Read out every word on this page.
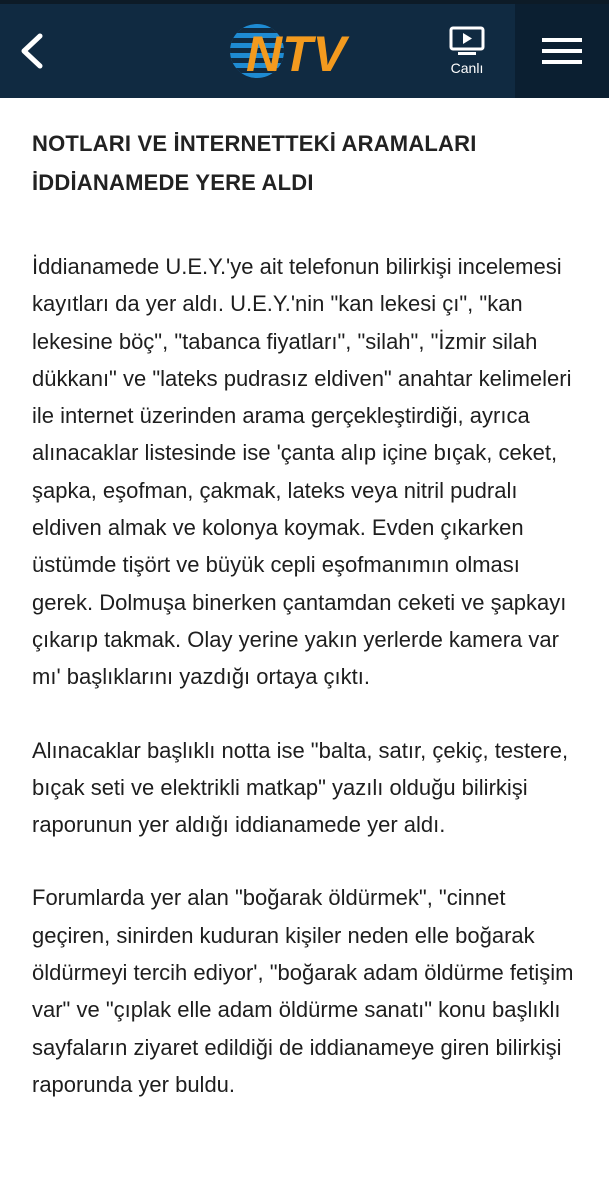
NTV	Canlı
NOTLARI VE İNTERNETTEKİ ARAMALARI İDDİANAMEDE YERE ALDI

İddianamede U.E.Y.'ye ait telefonun bilirkişi incelemesi kayıtları da yer aldı. U.E.Y.'nin "kan lekesi çı", "kan lekesine böç", "tabanca fiyatları", "silah", "İzmir silah dükkanı" ve "lateks pudrasız eldiven" anahtar kelimeleri ile internet üzerinden arama gerçekleştirdiği, ayrıca alınacaklar listesinde ise 'çanta alıp içine bıçak, ceket, şapka, eşofman, çakmak, lateks veya nitril pudralı eldiven almak ve kolonya koymak. Evden çıkarken üstümde tişört ve büyük cepli eşofmanımın olması gerek. Dolmuşa binerken çantamdan ceketi ve şapkayı çıkarıp takmak. Olay yerine yakın yerlerde kamera var mı' başlıklarını yazdığı ortaya çıktı.

Alınacaklar başlıklı notta ise "balta, satır, çekiç, testere, bıçak seti ve elektrikli matkap" yazılı olduğu bilirkişi raporunun yer aldığı iddianamede yer aldı.

Forumlarda yer alan "boğarak öldürmek", "cinnet geçiren, sinirden kuduran kişiler neden elle boğarak öldürmeyi tercih ediyor', "boğarak adam öldürme fetişim var" ve "çıplak elle adam öldürme sanatı" konu başlıklı sayfaların ziyaret edildiği de iddianameye giren bilirkişi raporunda yer buldu.
